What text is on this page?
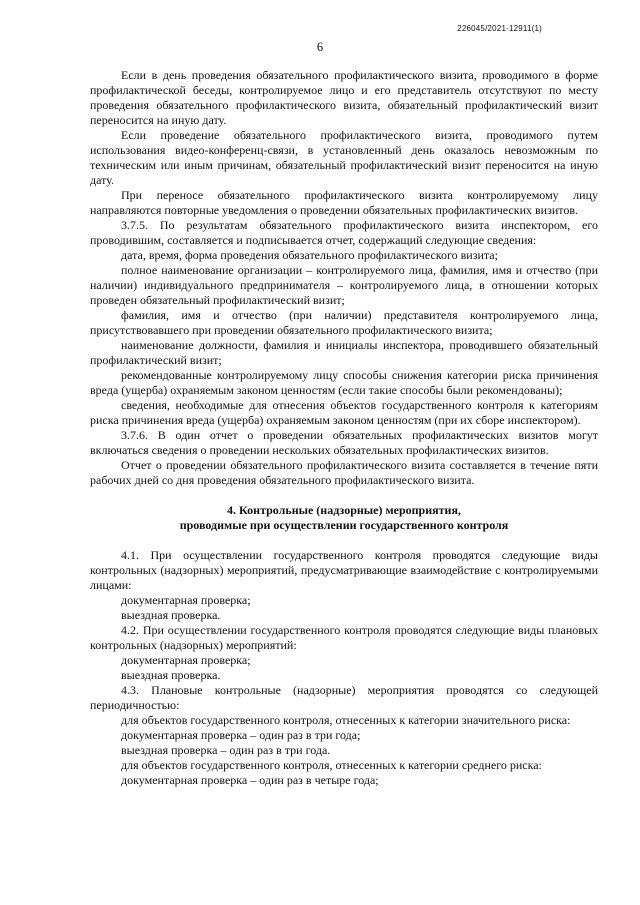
226045/2021-12911(1)
6

Если в день проведения обязательного профилактического визита, проводимого в форме профилактической беседы, контролируемое лицо и его представитель отсутствуют по месту проведения обязательного профилактического визита, обязательный профилактический визит переносится на иную дату.

Если проведение обязательного профилактического визита, проводимого путем использования видео-конференц-связи, в установленный день оказалось невозможным по техническим или иным причинам, обязательный профилактический визит переносится на иную дату.

При переносе обязательного профилактического визита контролируемому лицу направляются повторные уведомления о проведении обязательных профилактических визитов.

3.7.5. По результатам обязательного профилактического визита инспектором, его проводившим, составляется и подписывается отчет, содержащий следующие сведения:

дата, время, форма проведения обязательного профилактического визита;

полное наименование организации – контролируемого лица, фамилия, имя и отчество (при наличии) индивидуального предпринимателя – контролируемого лица, в отношении которых проведен обязательный профилактический визит;

фамилия, имя и отчество (при наличии) представителя контролируемого лица, присутствовавшего при проведении обязательного профилактического визита;

наименование должности, фамилия и инициалы инспектора, проводившего обязательный профилактический визит;

рекомендованные контролируемому лицу способы снижения категории риска причинения вреда (ущерба) охраняемым законом ценностям (если такие способы были рекомендованы);

сведения, необходимые для отнесения объектов государственного контроля к категориям риска причинения вреда (ущерба) охраняемым законом ценностям (при их сборе инспектором).

3.7.6. В один отчет о проведении обязательных профилактических визитов могут включаться сведения о проведении нескольких обязательных профилактических визитов.

Отчет о проведении обязательного профилактического визита составляется в течение пяти рабочих дней со дня проведения обязательного профилактического визита.

4. Контрольные (надзорные) мероприятия,
проводимые при осуществлении государственного контроля

4.1. При осуществлении государственного контроля проводятся следующие виды контрольных (надзорных) мероприятий, предусматривающие взаимодействие с контролируемыми лицами:

документарная проверка;

выездная проверка.

4.2. При осуществлении государственного контроля проводятся следующие виды плановых контрольных (надзорных) мероприятий:

документарная проверка;

выездная проверка.

4.3. Плановые контрольные (надзорные) мероприятия проводятся со следующей периодичностью:

для объектов государственного контроля, отнесенных к категории значительного риска:

документарная проверка – один раз в три года;

выездная проверка – один раз в три года.

для объектов государственного контроля, отнесенных к категории среднего риска:

документарная проверка – один раз в четыре года;
